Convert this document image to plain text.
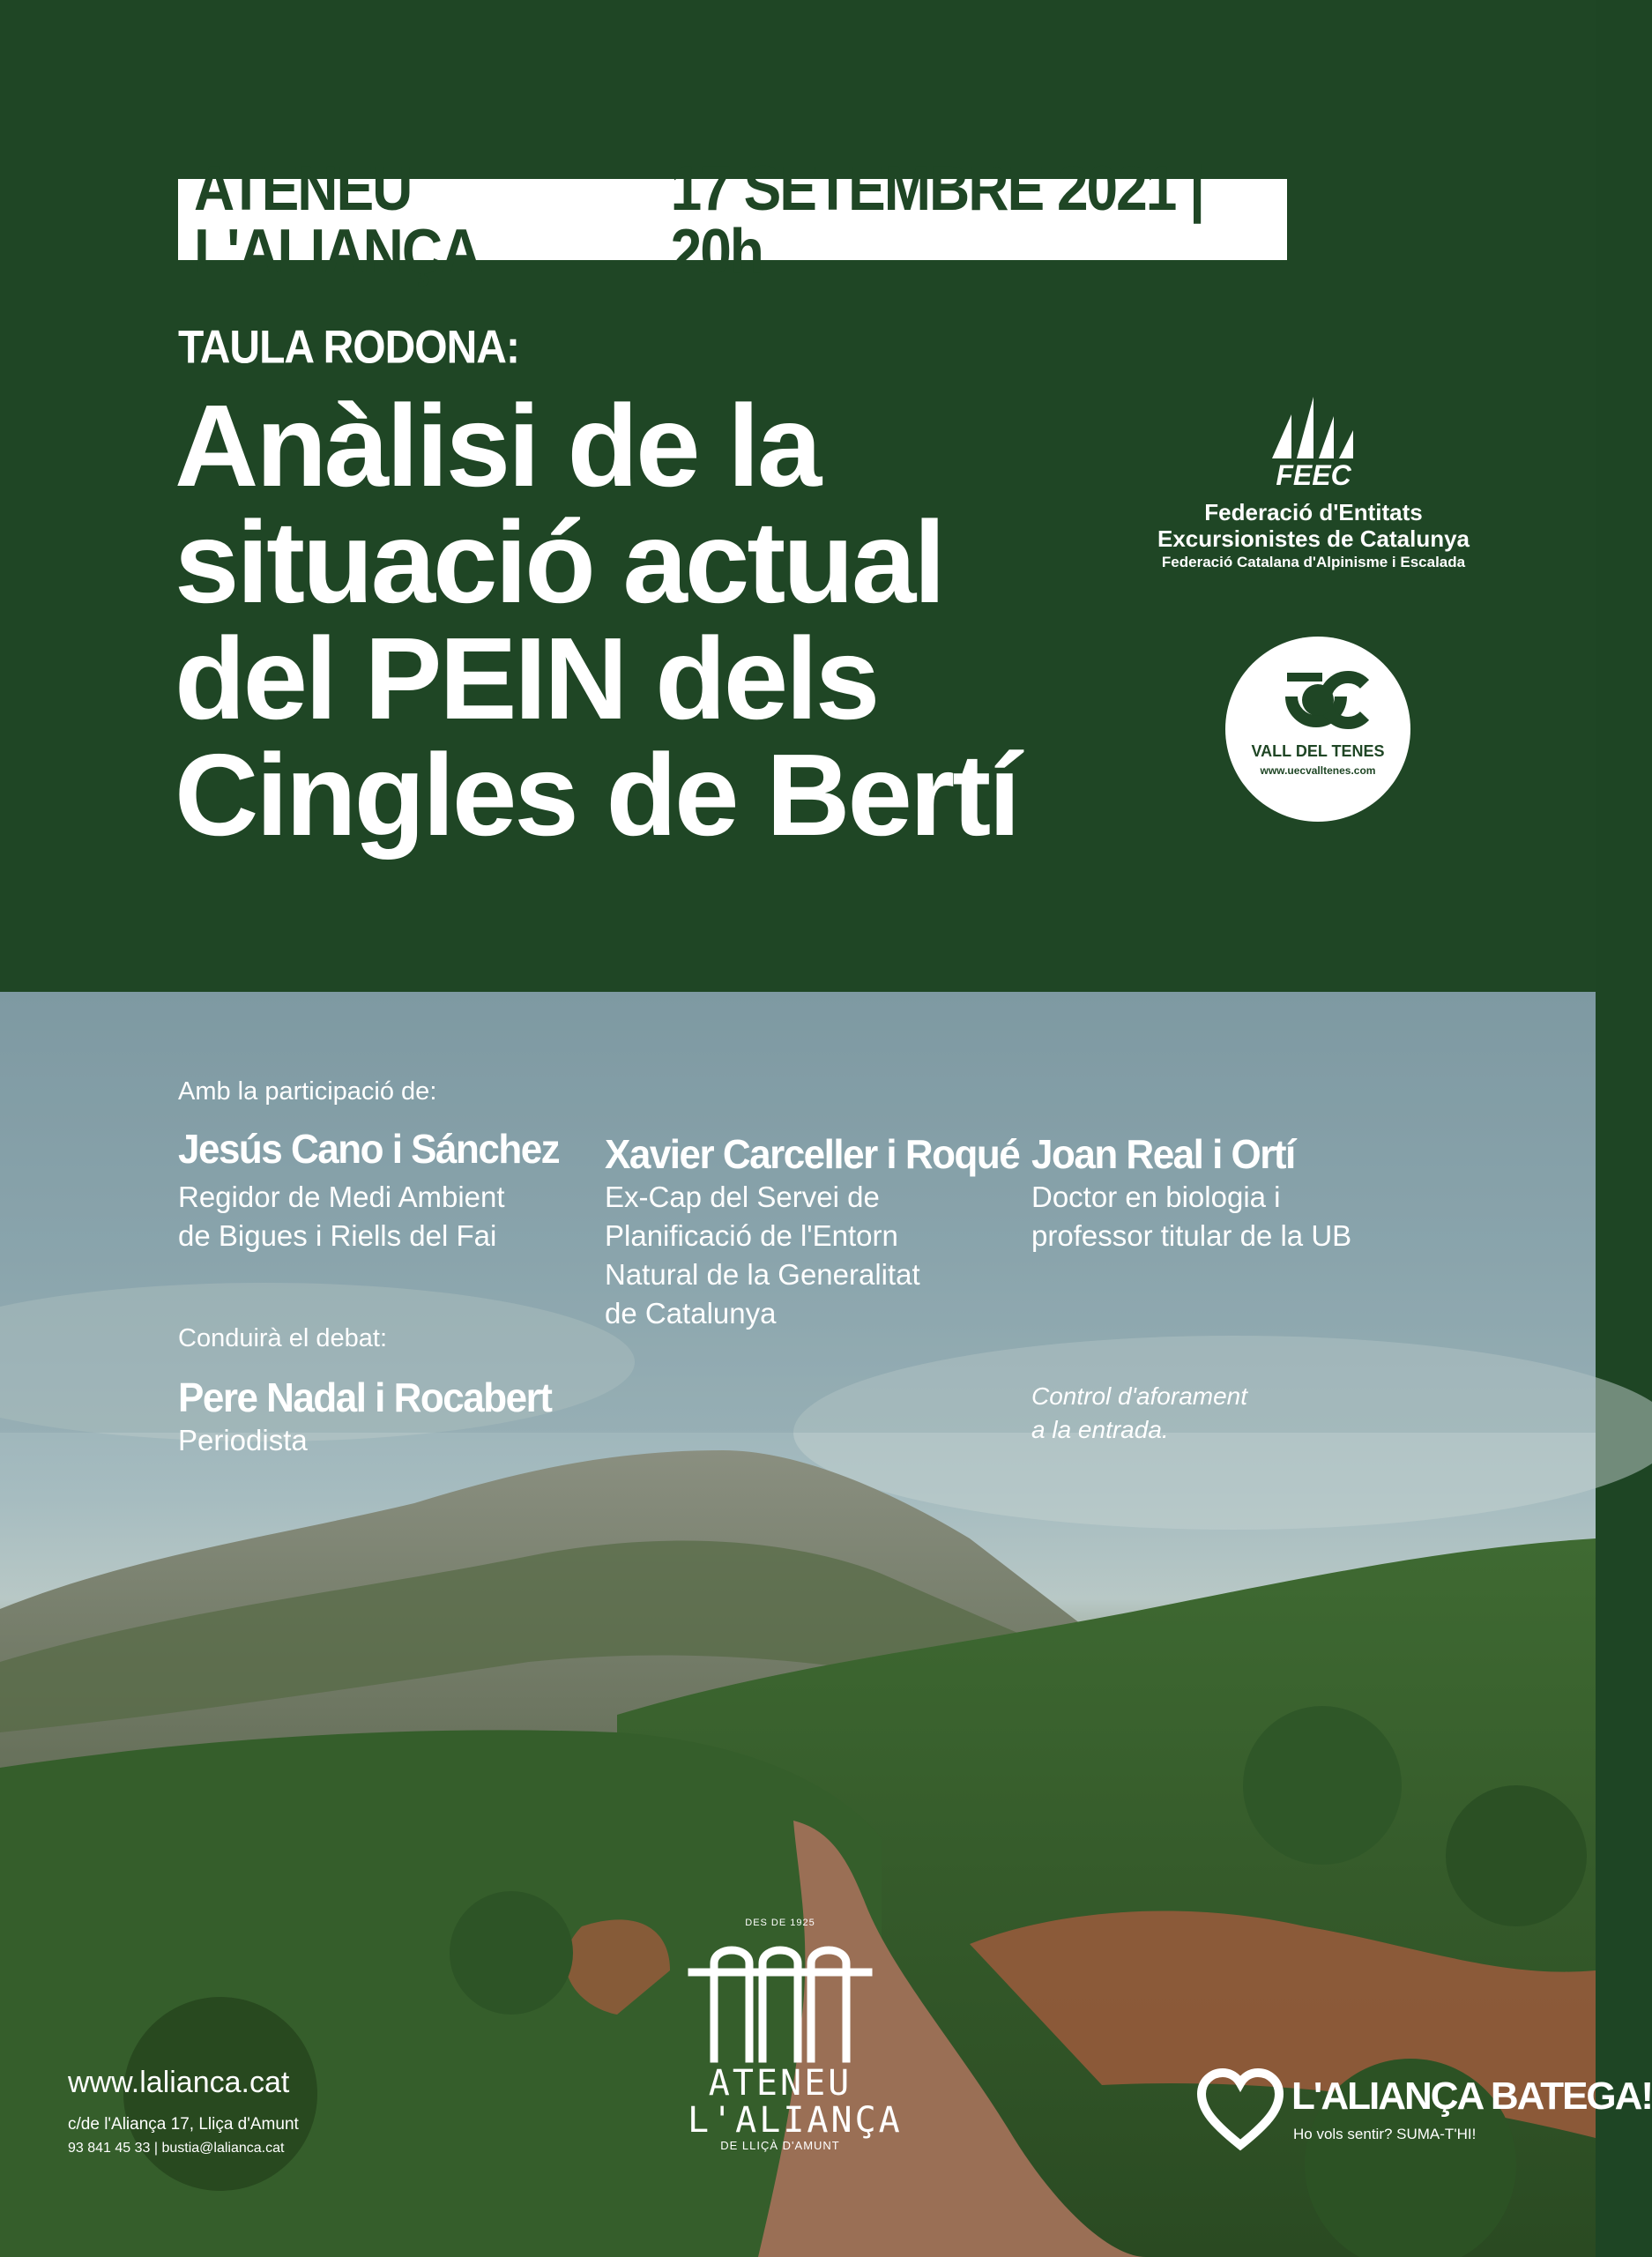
ATENEU L'ALIANÇA
17 SETEMBRE 2021 | 20h
TAULA RODONA:
Anàlisi de la
situació actual
del PEIN dels
Cingles de Bertí
FEEC
Federació d'Entitats
Excursionistes de Catalunya
Federació Catalana d'Alpinisme i Escalada
VALL DEL TENES
www.uecvalltenes.com
Amb la participació de:
Jesús Cano i Sánchez
Regidor de Medi Ambient
de Bigues i Riells del Fai
Xavier Carceller i Roqué
Ex-Cap del Servei de
Planificació de l'Entorn
Natural de la Generalitat
de Catalunya
Joan Real i Ortí
Doctor en biologia i
professor titular de la UB
Conduirà el debat:
Pere Nadal i Rocabert
Periodista
Control d'aforament
a la entrada.
www.lalianca.cat
c/de l'Aliança 17, Lliça d'Amunt
93 841 45 33 | bustia@lalianca.cat
DES DE 1925
ATENEU
L'ALIANÇA
DE LLIÇÀ D'AMUNT
L'ALIANÇA BATEGA!
Ho vols sentir? SUMA-T'HI!
